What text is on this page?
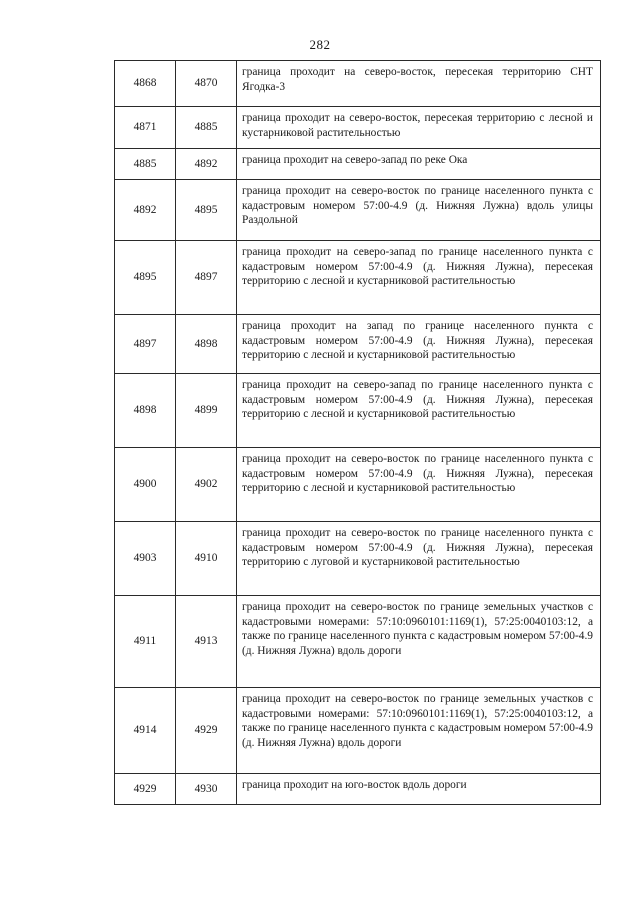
282
4868	4870	граница проходит на северо-восток, пересекая территорию СНТ Ягодка-3
4871	4885	граница проходит на северо-восток, пересекая территорию с лесной и кустарниковой растительностью
4885	4892	граница проходит на северо-запад по реке Ока
4892	4895	граница проходит на северо-восток по границе населенного пункта с кадастровым номером 57:00-4.9 (д. Нижняя Лужна) вдоль улицы Раздольной
4895	4897	граница проходит на северо-запад по границе населенного пункта с кадастровым номером 57:00-4.9 (д. Нижняя Лужна), пересекая территорию с лесной и кустарниковой растительностью
4897	4898	граница проходит на запад по границе населенного пункта с кадастровым номером 57:00-4.9 (д. Нижняя Лужна), пересекая территорию с лесной и кустарниковой растительностью
4898	4899	граница проходит на северо-запад по границе населенного пункта с кадастровым номером 57:00-4.9 (д. Нижняя Лужна), пересекая территорию с лесной и кустарниковой растительностью
4900	4902	граница проходит на северо-восток по границе населенного пункта с кадастровым номером 57:00-4.9 (д. Нижняя Лужна), пересекая территорию с лесной и кустарниковой растительностью
4903	4910	граница проходит на северо-восток по границе населенного пункта с кадастровым номером 57:00-4.9 (д. Нижняя Лужна), пересекая территорию с луговой и кустарниковой растительностью
4911	4913	граница проходит на северо-восток по границе земельных участков с кадастровыми номерами: 57:10:0960101:1169(1), 57:25:0040103:12, а также по границе населенного пункта с кадастровым номером 57:00-4.9 (д. Нижняя Лужна) вдоль дороги
4914	4929	граница проходит на северо-восток по границе земельных участков с кадастровыми номерами: 57:10:0960101:1169(1), 57:25:0040103:12, а также по границе населенного пункта с кадастровым номером 57:00-4.9 (д. Нижняя Лужна) вдоль дороги
4929	4930	граница проходит на юго-восток вдоль дороги
